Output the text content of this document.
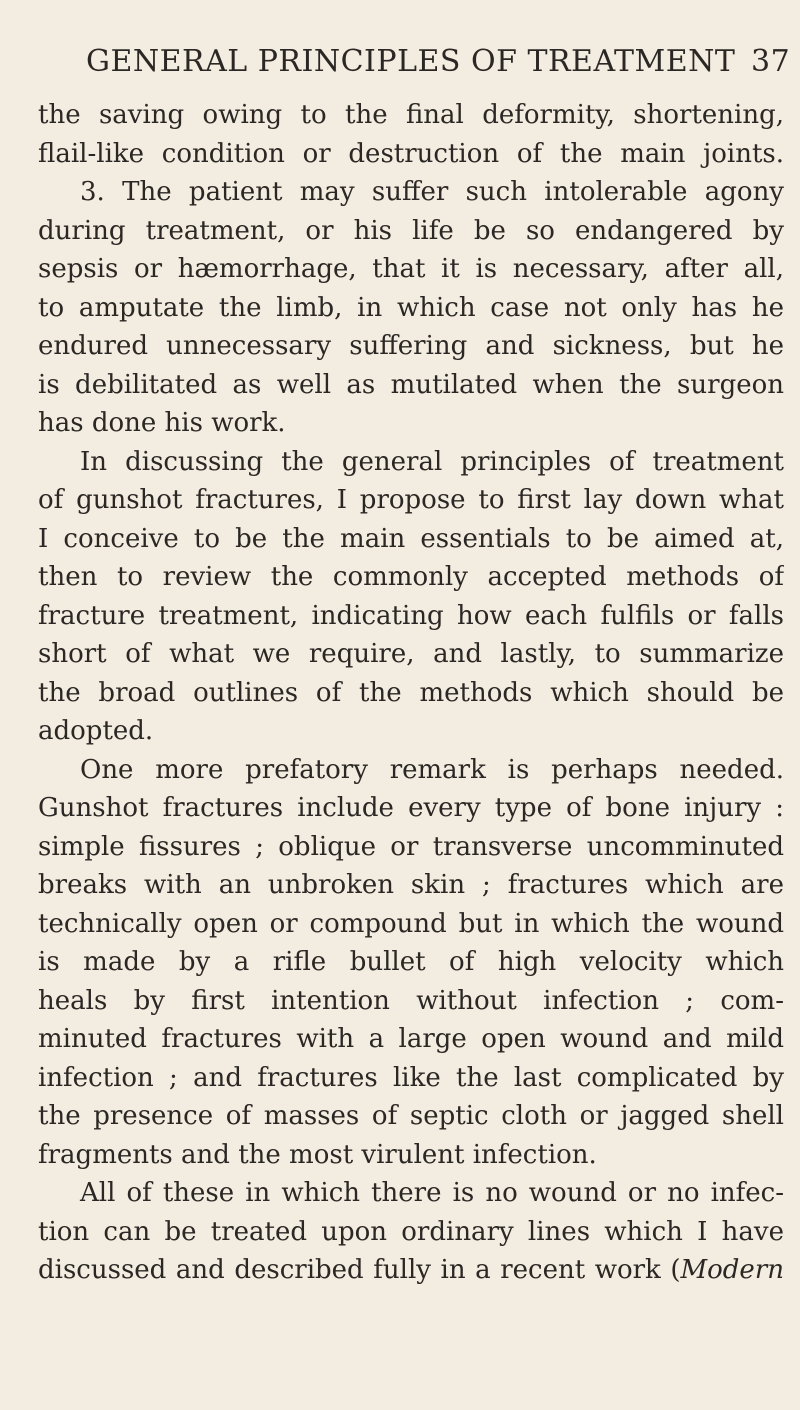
GENERAL PRINCIPLES OF TREATMENT 37
the saving owing to the final deformity, shortening,
flail-like condition or destruction of the main joints.
3. The patient may suffer such intolerable agony
during treatment, or his life be so endangered by
sepsis or hæmorrhage, that it is necessary, after all,
to amputate the limb, in which case not only has he
endured unnecessary suffering and sickness, but he
is debilitated as well as mutilated when the surgeon
has done his work.
In discussing the general principles of treatment
of gunshot fractures, I propose to first lay down what
I conceive to be the main essentials to be aimed at,
then to review the commonly accepted methods of
fracture treatment, indicating how each fulfils or falls
short of what we require, and lastly, to summarize
the broad outlines of the methods which should be
adopted.
One more prefatory remark is perhaps needed.
Gunshot fractures include every type of bone injury :
simple fissures ; oblique or transverse uncomminuted
breaks with an unbroken skin ; fractures which are
technically open or compound but in which the wound
is made by a rifle bullet of high velocity which
heals by first intention without infection ; com-
minuted fractures with a large open wound and mild
infection ; and fractures like the last complicated by
the presence of masses of septic cloth or jagged shell
fragments and the most virulent infection.
All of these in which there is no wound or no infec-
tion can be treated upon ordinary lines which I have
discussed and described fully in a recent work (Modern
